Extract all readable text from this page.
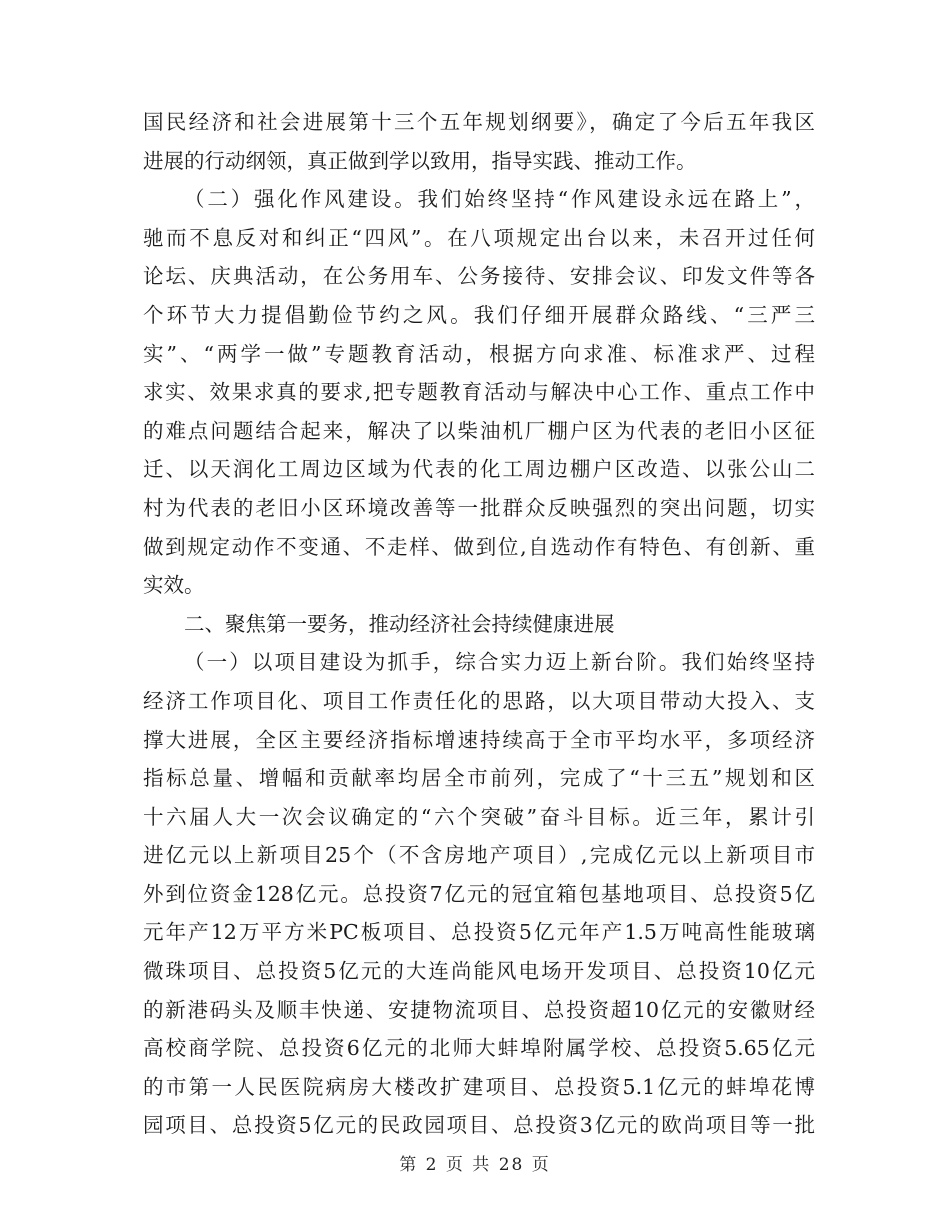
国民经济和社会进展第十三个五年规划纲要》，确定了今后五年我区
进展的行动纲领，真正做到学以致用，指导实践、推动工作。
（二）强化作风建设。我们始终坚持“作风建设永远在路上”，
驰而不息反对和纠正“四风”。在八项规定出台以来，未召开过任何
论坛、庆典活动，在公务用车、公务接待、安排会议、印发文件等各
个环节大力提倡勤俭节约之风。我们仔细开展群众路线、“三严三
实”、“两学一做”专题教育活动，根据方向求准、标准求严、过程
求实、效果求真的要求,把专题教育活动与解决中心工作、重点工作中
的难点问题结合起来，解决了以柴油机厂棚户区为代表的老旧小区征
迁、以天润化工周边区域为代表的化工周边棚户区改造、以张公山二
村为代表的老旧小区环境改善等一批群众反映强烈的突出问题，切实
做到规定动作不变通、不走样、做到位,自选动作有特色、有创新、重
实效。
二、聚焦第一要务，推动经济社会持续健康进展
（一）以项目建设为抓手，综合实力迈上新台阶。我们始终坚持
经济工作项目化、项目工作责任化的思路，以大项目带动大投入、支
撑大进展，全区主要经济指标增速持续高于全市平均水平，多项经济
指标总量、增幅和贡献率均居全市前列，完成了“十三五”规划和区
十六届人大一次会议确定的“六个突破”奋斗目标。近三年，累计引
进亿元以上新项目25个（不含房地产项目）,完成亿元以上新项目市
外到位资金128亿元。总投资7亿元的冠宜箱包基地项目、总投资5亿
元年产12万平方米PC板项目、总投资5亿元年产1.5万吨高性能玻璃
微珠项目、总投资5亿元的大连尚能风电场开发项目、总投资10亿元
的新港码头及顺丰快递、安捷物流项目、总投资超10亿元的安徽财经
高校商学院、总投资6亿元的北师大蚌埠附属学校、总投资5.65亿元
的市第一人民医院病房大楼改扩建项目、总投资5.1亿元的蚌埠花博
园项目、总投资5亿元的民政园项目、总投资3亿元的欧尚项目等一批
第 2 页 共 28 页
